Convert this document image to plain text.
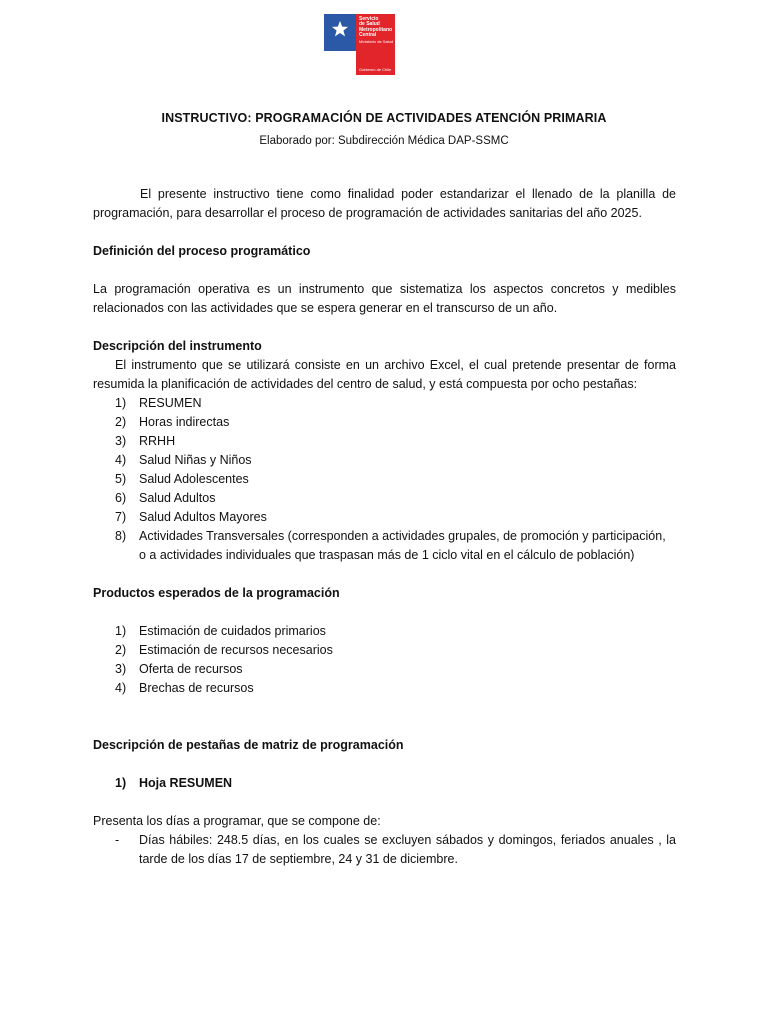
Servicio
de Salud
Metropolitano
Central
Ministerio de Salud
Gobierno de Chile
INSTRUCTIVO: PROGRAMACIÓN DE ACTIVIDADES ATENCIÓN PRIMARIA
Elaborado por: Subdirección Médica DAP-SSMC

El presente instructivo tiene como finalidad poder estandarizar el llenado de la planilla de programación, para desarrollar el proceso de programación de actividades sanitarias del año 2025.

Definición del proceso programático

La programación operativa es un instrumento que sistematiza los aspectos concretos y medibles relacionados con las actividades que se espera generar en el transcurso de un año.

Descripción del instrumento

El instrumento que se utilizará consiste en un archivo Excel, el cual pretende presentar de forma resumida la planificación de actividades del centro de salud, y está compuesta por ocho pestañas:

1)	RESUMEN
2)	Horas indirectas
3)	RRHH
4)	Salud Niñas y Niños
5)	Salud Adolescentes
6)	Salud Adultos
7)	Salud Adultos Mayores
8)	Actividades Transversales (corresponden a actividades grupales, de promoción y participación, o a actividades individuales que traspasan más de 1 ciclo vital en el cálculo de población)

Productos esperados de la programación

1)	Estimación de cuidados primarios
2)	Estimación de recursos necesarios
3)	Oferta de recursos
4)	Brechas de recursos

Descripción de pestañas de matriz de programación

1)	Hoja RESUMEN

Presenta los días a programar, que se compone de:

-	Días hábiles: 248.5 días, en los cuales se excluyen sábados y domingos, feriados anuales , la tarde de los días 17 de septiembre, 24 y 31 de diciembre.
